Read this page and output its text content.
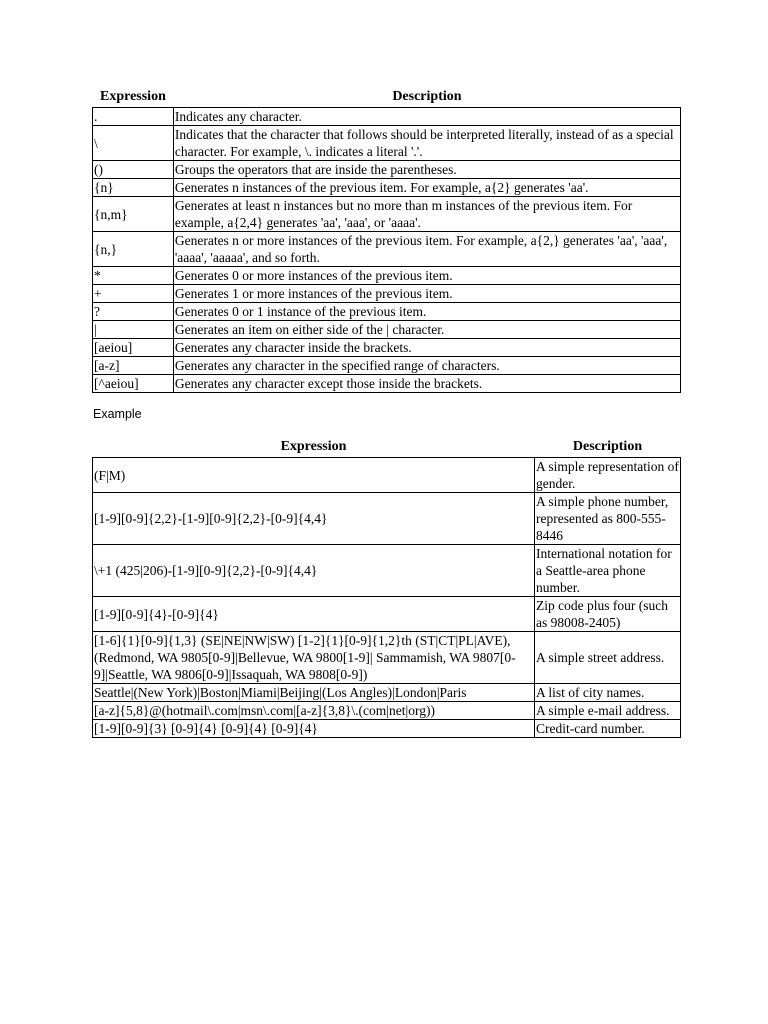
Expression	Description
.	Indicates any character.
\	Indicates that the character that follows should be interpreted literally, instead of as a special character. For example, \. indicates a literal '.'.
()	Groups the operators that are inside the parentheses.
{n}	Generates n instances of the previous item. For example, a{2} generates 'aa'.
{n,m}	Generates at least n instances but no more than m instances of the previous item. For example, a{2,4} generates 'aa', 'aaa', or 'aaaa'.
{n,}	Generates n or more instances of the previous item. For example, a{2,} generates 'aa', 'aaa', 'aaaa', 'aaaaa', and so forth.
*	Generates 0 or more instances of the previous item.
+	Generates 1 or more instances of the previous item.
?	Generates 0 or 1 instance of the previous item.
|	Generates an item on either side of the | character.
[aeiou]	Generates any character inside the brackets.
[a-z]	Generates any character in the specified range of characters.
[^aeiou]	Generates any character except those inside the brackets.
Example
Expression	Description
(F|M)	A simple representation of gender.
[1-9][0-9]{2,2}-[1-9][0-9]{2,2}-[0-9]{4,4}	A simple phone number, represented as 800-555-8446
\+1 (425|206)-[1-9][0-9]{2,2}-[0-9]{4,4}	International notation for a Seattle-area phone number.
[1-9][0-9]{4}-[0-9]{4}	Zip code plus four (such as 98008-2405)
[1-6]{1}[0-9]{1,3} (SE|NE|NW|SW) [1-2]{1}[0-9]{1,2}th (ST|CT|PL|AVE), (Redmond, WA 9805[0-9]|Bellevue, WA 9800[1-9]| Sammamish, WA 9807[0-9]|Seattle, WA 9806[0-9]|Issaquah, WA 9808[0-9])	A simple street address.
Seattle|(New York)|Boston|Miami|Beijing|(Los Angles)|London|Paris	A list of city names.
[a-z]{5,8}@(hotmail\.com|msn\.com|[a-z]{3,8}\.(com|net|org))	A simple e-mail address.
[1-9][0-9]{3} [0-9]{4} [0-9]{4} [0-9]{4}	Credit-card number.
